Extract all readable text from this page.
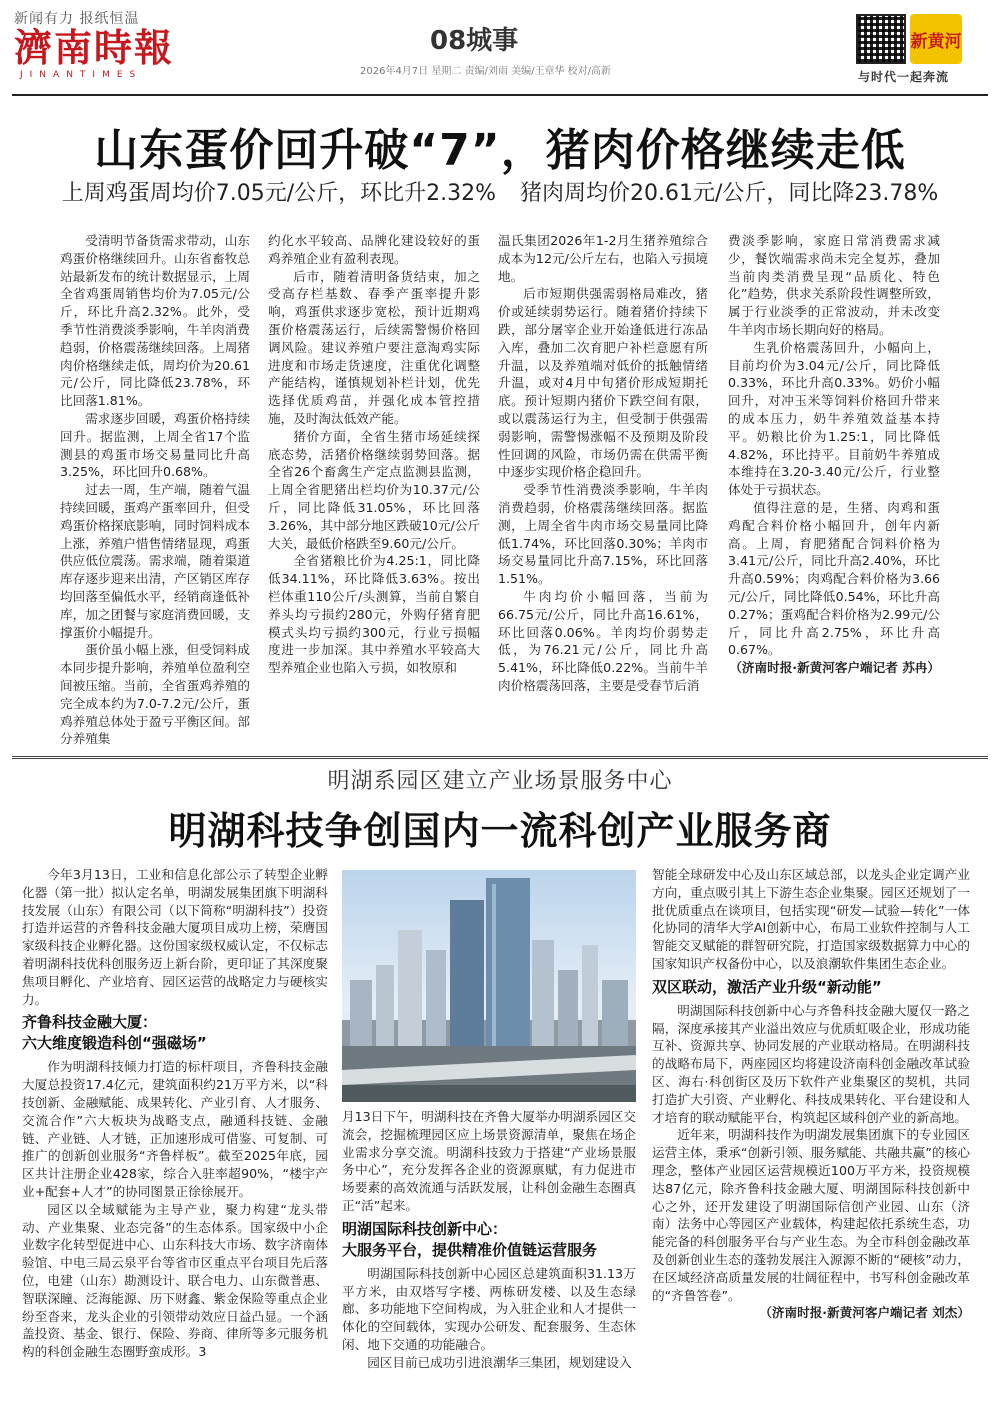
新闻有力 报纸恒温
濟南時報
JINANTIMES
08城事
2026年4月7日 星期二 责编/刘雨 美编/王章华 校对/高新
新黄河
与时代一起奔流
山东蛋价回升破“7”，猪肉价格继续走低
上周鸡蛋周均价7.05元/公斤，环比升2.32% 猪肉周均价20.61元/公斤，同比降23.78%

受清明节备货需求带动，山东鸡蛋价格继续回升。山东省畜牧总站最新发布的统计数据显示，上周全省鸡蛋周销售均价为7.05元/公斤，环比升高2.32%。此外，受季节性消费淡季影响，牛羊肉消费趋弱，价格震荡继续回落。上周猪肉价格继续走低，周均价为20.61元/公斤，同比降低23.78%，环比回落1.81%。

需求逐步回暖，鸡蛋价格持续回升。据监测，上周全省17个监测县的鸡蛋市场交易量同比升高3.25%，环比回升0.68%。

过去一周，生产端，随着气温持续回暖，蛋鸡产蛋率回升，但受鸡蛋价格探底影响，同时饲料成本上涨，养殖户惜售情绪显现，鸡蛋供应低位震荡。需求端，随着渠道库存逐步迎来出清，产区销区库存均回落至偏低水平，经销商逢低补库，加之团餐与家庭消费回暖，支撑蛋价小幅提升。

蛋价虽小幅上涨，但受饲料成本同步提升影响，养殖单位盈利空间被压缩。当前，全省蛋鸡养殖的完全成本约为7.0-7.2元/公斤，蛋鸡养殖总体处于盈亏平衡区间。部分养殖集

约化水平较高、品牌化建设较好的蛋鸡养殖企业有盈利表现。

后市，随着清明备货结束，加之受高存栏基数、春季产蛋率提升影响，鸡蛋供求逐步宽松，预计近期鸡蛋价格震荡运行，后续需警惕价格回调风险。建议养殖户要注意淘鸡实际进度和市场走货速度，注重优化调整产能结构，谨慎规划补栏计划，优先选择优质鸡苗，并强化成本管控措施，及时淘汰低效产能。

猪价方面，全省生猪市场延续探底态势，活猪价格继续弱势回落。据全省26个畜禽生产定点监测县监测，上周全省肥猪出栏均价为10.37元/公斤，同比降低31.05%，环比回落3.26%，其中部分地区跌破10元/公斤大关，最低价格跌至9.60元/公斤。

全省猪粮比价为4.25:1，同比降低34.11%，环比降低3.63%。按出栏体重110公斤/头测算，当前自繁自养头均亏损约280元，外购仔猪育肥模式头均亏损约300元，行业亏损幅度进一步加深。其中养殖水平较高大型养殖企业也陷入亏损，如牧原和

温氏集团2026年1-2月生猪养殖综合成本为12元/公斤左右，也陷入亏损境地。

后市短期供强需弱格局难改，猪价或延续弱势运行。随着猪价持续下跌，部分屠宰企业开始逢低进行冻品入库，叠加二次育肥户补栏意愿有所升温，以及养殖端对低价的抵触情绪升温，或对4月中旬猪价形成短期托底。预计短期内猪价下跌空间有限，或以震荡运行为主，但受制于供强需弱影响，需警惕涨幅不及预期及阶段性回调的风险，市场仍需在供需平衡中逐步实现价格企稳回升。

受季节性消费淡季影响，牛羊肉消费趋弱，价格震荡继续回落。据监测，上周全省牛肉市场交易量同比降低1.74%，环比回落0.30%；羊肉市场交易量同比升高7.15%，环比回落1.51%。

牛肉均价小幅回落，当前为66.75元/公斤，同比升高16.61%，环比回落0.06%。羊肉均价弱势走低，为76.21元/公斤，同比升高5.41%，环比降低0.22%。当前牛羊肉价格震荡回落，主要是受春节后消

费淡季影响，家庭日常消费需求减少，餐饮端需求尚未完全复苏，叠加当前肉类消费呈现“品质化、特色化”趋势，供求关系阶段性调整所致，属于行业淡季的正常波动，并未改变牛羊肉市场长期向好的格局。

生乳价格震荡回升，小幅向上，目前均价为3.04元/公斤，同比降低0.33%，环比升高0.33%。奶价小幅回升，对冲玉米等饲料价格回升带来的成本压力，奶牛养殖效益基本持平。奶粮比价为1.25:1，同比降低4.82%，环比持平。目前奶牛养殖成本维持在3.20-3.40元/公斤，行业整体处于亏损状态。

值得注意的是，生猪、肉鸡和蛋鸡配合料价格小幅回升，创年内新高。上周，育肥猪配合饲料价格为3.41元/公斤，同比升高2.40%，环比升高0.59%；肉鸡配合料价格为3.66元/公斤，同比降低0.54%，环比升高0.27%；蛋鸡配合料价格为2.99元/公斤，同比升高2.75%，环比升高0.67%。

（济南时报·新黄河客户端记者 苏冉）

明湖系园区建立产业场景服务中心
明湖科技争创国内一流科创产业服务商

今年3月13日，工业和信息化部公示了转型企业孵化器（第一批）拟认定名单，明湖发展集团旗下明湖科技发展（山东）有限公司（以下简称“明湖科技”）投资打造并运营的齐鲁科技金融大厦项目成功上榜，荣膺国家级科技企业孵化器。这份国家级权威认定，不仅标志着明湖科技优科创服务迈上新台阶，更印证了其深度聚焦项目孵化、产业培育、园区运营的战略定力与硬核实力。

齐鲁科技金融大厦：
六大维度锻造科创“强磁场”

作为明湖科技倾力打造的标杆项目，齐鲁科技金融大厦总投资17.4亿元，建筑面积约21万平方米，以“科技创新、金融赋能、成果转化、产业引育、人才服务、交流合作”六大板块为战略支点，融通科技链、金融链、产业链、人才链，正加速形成可借鉴、可复制、可推广的创新创业服务“齐鲁样板”。截至2025年底，园区共计注册企业428家，综合入驻率超90%，“楼宇产业+配套+人才”的协同图景正徐徐展开。

园区以全域赋能为主导产业，聚力构建“龙头带动、产业集聚、业态完备”的生态体系。国家级中小企业数字化转型促进中心、山东科技大市场、数字济南体验馆、中电三局云泉平台等省市区重点平台项目先后落位，电建（山东）勘测设计、联合电力、山东微普惠、智联深瞳、泛海能源、历下财鑫、紫金保险等重点企业纷至沓来，龙头企业的引领带动效应日益凸显。一个涵盖投资、基金、银行、保险、券商、律所等多元服务机构的科创金融生态圈野蛮成形。3

月13日下午，明湖科技在齐鲁大厦举办明湖系园区交流会，挖掘梳理园区应上场景资源清单，聚焦在场企业需求分享交流。明湖科技致力于搭建“产业场景服务中心”，充分发挥各企业的资源禀赋，有力促进市场要素的高效流通与活跃发展，让科创金融生态圈真正“活”起来。

明湖国际科技创新中心：
大服务平台，提供精准价值链运营服务

明湖国际科技创新中心园区总建筑面积31.13万平方米，由双塔写字楼、两栋研发楼、以及生态绿廊、多功能地下空间构成，为入驻企业和人才提供一体化的空间载体，实现办公研发、配套服务、生态休闲、地下交通的功能融合。

园区目前已成功引进浪潮华三集团，规划建设入

智能全球研发中心及山东区域总部，以龙头企业定调产业方向，重点吸引其上下游生态企业集聚。园区还规划了一批优质重点在谈项目，包括实现“研发—试验—转化”一体化协同的清华大学AI创新中心，布局工业软件控制与人工智能交叉赋能的群智研究院，打造国家级数据算力中心的国家知识产权备份中心，以及浪潮软件集团生态企业。

双区联动，激活产业升级“新动能”

明湖国际科技创新中心与齐鲁科技金融大厦仅一路之隔，深度承接其产业溢出效应与优质虹吸企业，形成功能互补、资源共享、协同发展的产业联动格局。在明湖科技的战略布局下，两座园区均将建设济南科创金融改革试验区、海右·科创街区及历下软件产业集聚区的契机，共同打造扩大引资、产业孵化、科技成果转化、平台建设和人才培育的联动赋能平台，构筑起区域科创产业的新高地。

近年来，明湖科技作为明湖发展集团旗下的专业园区运营主体，秉承“创新引领、服务赋能、共融共赢”的核心理念，整体产业园区运营规模近100万平方米，投资规模达87亿元，除齐鲁科技金融大厦、明湖国际科技创新中心之外，还开发建设了明湖国际信创产业园、山东（济南）法务中心等园区产业载体，构建起依托系统生态，功能完备的科创服务平台与产业生态。为全市科创金融改革及创新创业生态的蓬勃发展注入源源不断的“硬核”动力，在区域经济高质量发展的壮阔征程中，书写科创金融改革的“齐鲁答卷”。

（济南时报·新黄河客户端记者 刘杰）
